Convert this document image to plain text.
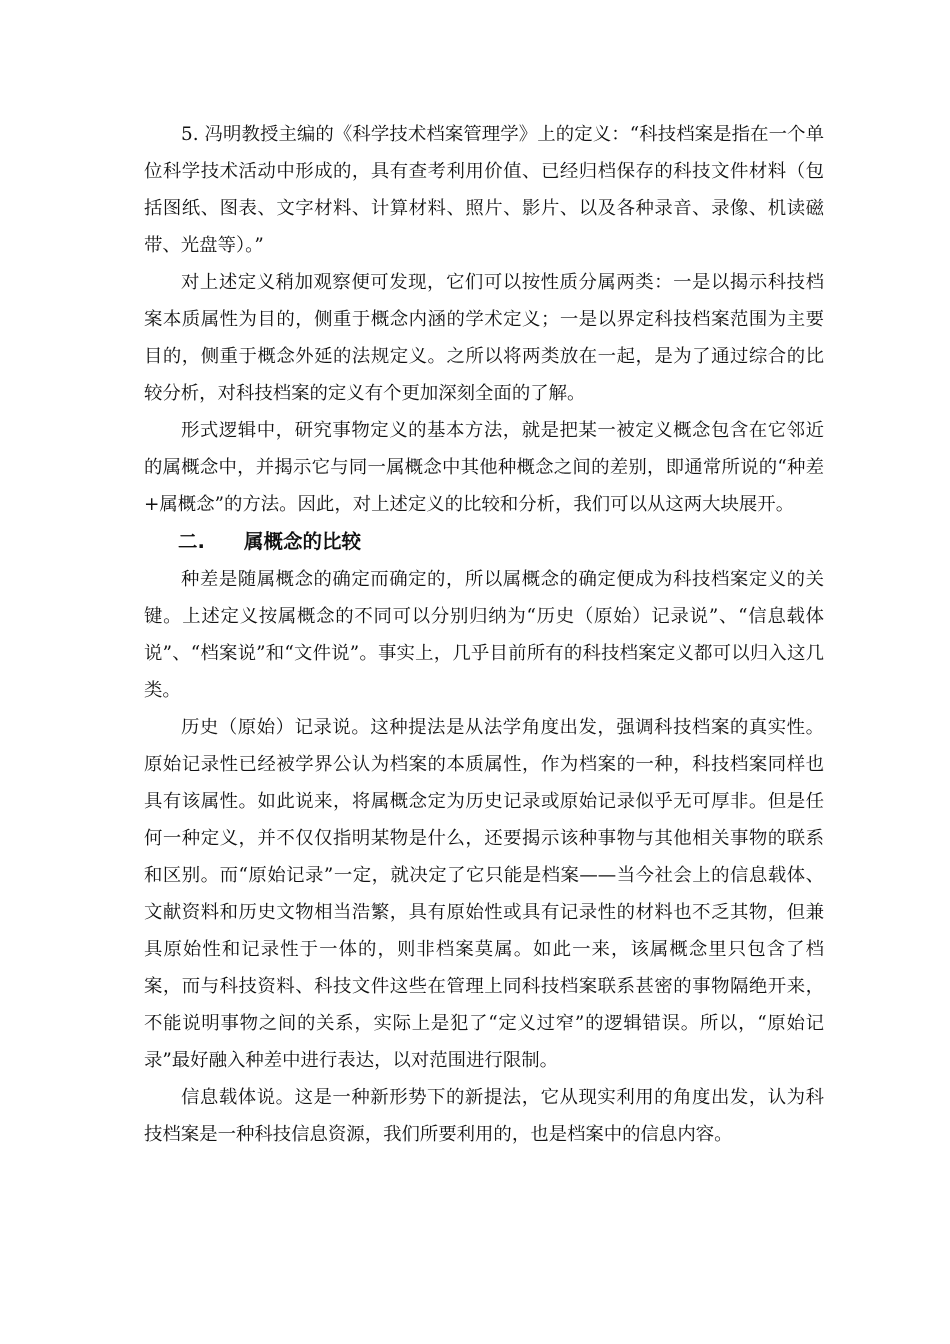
5. 冯明教授主编的《科学技术档案管理学》上的定义：“科技档案是指在一个单位科学技术活动中形成的，具有查考利用价值、已经归档保存的科技文件材料（包括图纸、图表、文字材料、计算材料、照片、影片、以及各种录音、录像、机读磁带、光盘等）。”

对上述定义稍加观察便可发现，它们可以按性质分属两类：一是以揭示科技档案本质属性为目的，侧重于概念内涵的学术定义；一是以界定科技档案范围为主要目的，侧重于概念外延的法规定义。之所以将两类放在一起，是为了通过综合的比较分析，对科技档案的定义有个更加深刻全面的了解。

形式逻辑中，研究事物定义的基本方法，就是把某一被定义概念包含在它邻近的属概念中，并揭示它与同一属概念中其他种概念之间的差别，即通常所说的“种差+属概念”的方法。因此，对上述定义的比较和分析，我们可以从这两大块展开。

二. 属概念的比较

种差是随属概念的确定而确定的，所以属概念的确定便成为科技档案定义的关键。上述定义按属概念的不同可以分别归纳为“历史（原始）记录说”、“信息载体说”、“档案说”和“文件说”。事实上，几乎目前所有的科技档案定义都可以归入这几类。

历史（原始）记录说。这种提法是从法学角度出发，强调科技档案的真实性。原始记录性已经被学界公认为档案的本质属性，作为档案的一种，科技档案同样也具有该属性。如此说来，将属概念定为历史记录或原始记录似乎无可厚非。但是任何一种定义，并不仅仅指明某物是什么，还要揭示该种事物与其他相关事物的联系和区别。而“原始记录”一定，就决定了它只能是档案——当今社会上的信息载体、文献资料和历史文物相当浩繁，具有原始性或具有记录性的材料也不乏其物，但兼具原始性和记录性于一体的，则非档案莫属。如此一来，该属概念里只包含了档案，而与科技资料、科技文件这些在管理上同科技档案联系甚密的事物隔绝开来，不能说明事物之间的关系，实际上是犯了“定义过窄”的逻辑错误。所以，“原始记录”最好融入种差中进行表达，以对范围进行限制。

信息载体说。这是一种新形势下的新提法，它从现实利用的角度出发，认为科技档案是一种科技信息资源，我们所要利用的，也是档案中的信息内容。
